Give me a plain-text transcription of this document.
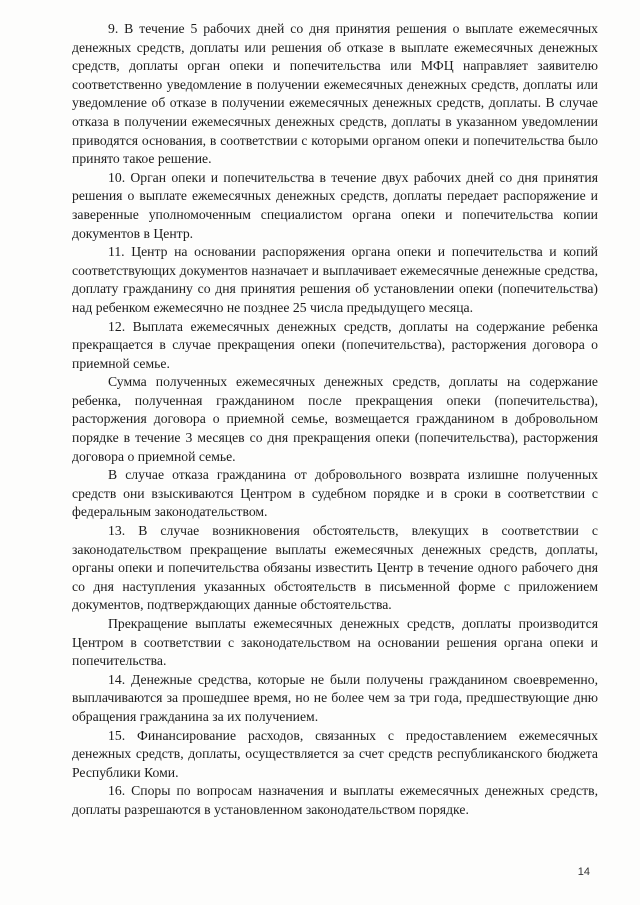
9. В течение 5 рабочих дней со дня принятия решения о выплате ежемесячных денежных средств, доплаты или решения об отказе в выплате ежемесячных денежных средств, доплаты орган опеки и попечительства или МФЦ направляет заявителю соответственно уведомление в получении ежемесячных денежных средств, доплаты или уведомление об отказе в получении ежемесячных денежных средств, доплаты. В случае отказа в получении ежемесячных денежных средств, доплаты в указанном уведомлении приводятся основания, в соответствии с которыми органом опеки и попечительства было принято такое решение.

10. Орган опеки и попечительства в течение двух рабочих дней со дня принятия решения о выплате ежемесячных денежных средств, доплаты передает распоряжение и заверенные уполномоченным специалистом органа опеки и попечительства копии документов в Центр.

11. Центр на основании распоряжения органа опеки и попечительства и копий соответствующих документов назначает и выплачивает ежемесячные денежные средства, доплату гражданину со дня принятия решения об установлении опеки (попечительства) над ребенком ежемесячно не позднее 25 числа предыдущего месяца.

12. Выплата ежемесячных денежных средств, доплаты на содержание ребенка прекращается в случае прекращения опеки (попечительства), расторжения договора о приемной семье.

Сумма полученных ежемесячных денежных средств, доплаты на содержание ребенка, полученная гражданином после прекращения опеки (попечительства), расторжения договора о приемной семье, возмещается гражданином в добровольном порядке в течение 3 месяцев со дня прекращения опеки (попечительства), расторжения договора о приемной семье.

В случае отказа гражданина от добровольного возврата излишне полученных средств они взыскиваются Центром в судебном порядке и в сроки в соответствии с федеральным законодательством.

13. В случае возникновения обстоятельств, влекущих в соответствии с законодательством прекращение выплаты ежемесячных денежных средств, доплаты, органы опеки и попечительства обязаны известить Центр в течение одного рабочего дня со дня наступления указанных обстоятельств в письменной форме с приложением документов, подтверждающих данные обстоятельства.

Прекращение выплаты ежемесячных денежных средств, доплаты производится Центром в соответствии с законодательством на основании решения органа опеки и попечительства.

14. Денежные средства, которые не были получены гражданином своевременно, выплачиваются за прошедшее время, но не более чем за три года, предшествующие дню обращения гражданина за их получением.

15. Финансирование расходов, связанных с предоставлением ежемесячных денежных средств, доплаты, осуществляется за счет средств республиканского бюджета Республики Коми.

16. Споры по вопросам назначения и выплаты ежемесячных денежных средств, доплаты разрешаются в установленном законодательством порядке.

14
